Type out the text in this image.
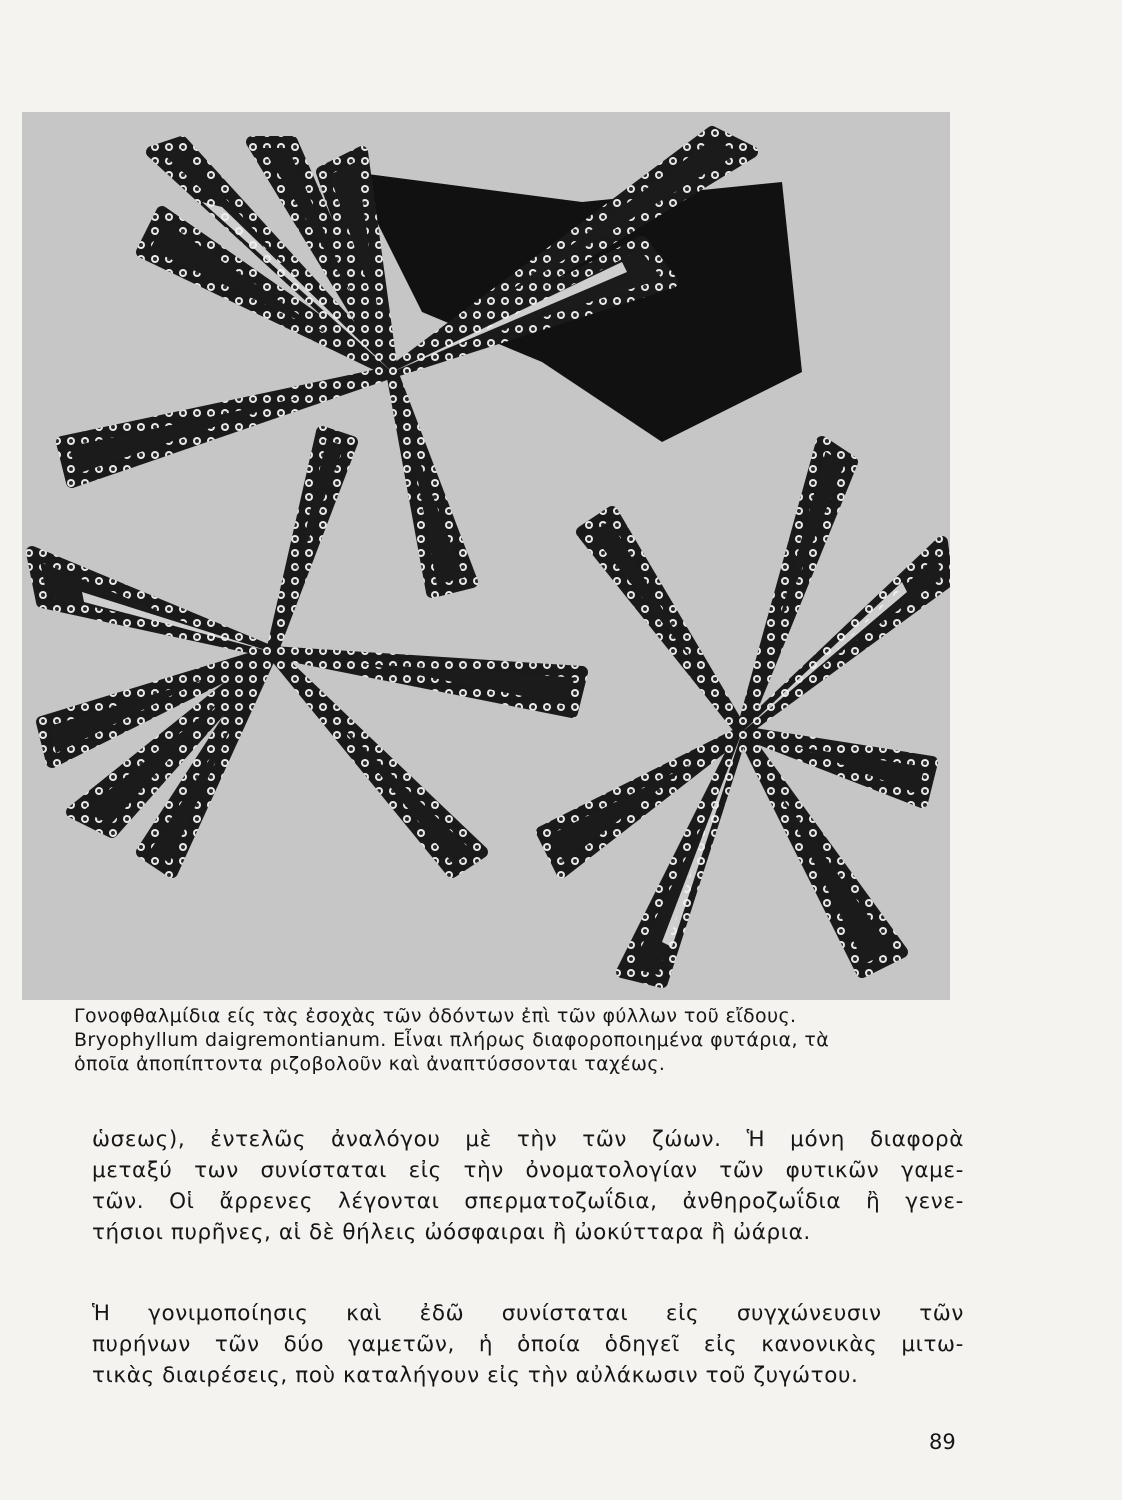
Γονοφθαλμίδια είς τὰς ἐσοχὰς τῶν ὀδόντων ἐπὶ τῶν φύλλων τοῦ εἴδους.
Bryophyllum daigremontianum. Εἶναι πλήρως διαφοροποιημένα φυτάρια, τὰ
ὁποῖα ἀποπίπτοντα ριζοβολοῦν καὶ ἀναπτύσσονται ταχέως.
ὡσεως), ἐντελῶς ἀναλόγου μὲ τὴν τῶν ζώων. Ἡ μόνη διαφορὰ
μεταξύ των συνίσταται εἰς τὴν ὀνοματολογίαν τῶν φυτικῶν γαμε-
τῶν. Οἱ ἄρρενες λέγονται σπερματοζωΐδια, ἀνθηροζωΐδια ἢ γενε-
τήσιοι πυρῆνες, αἱ δὲ θήλεις ὠόσφαιραι ἢ ὠοκύτταρα ἢ ὠάρια.
Ἡ γονιμοποίησις καὶ ἐδῶ συνίσταται εἰς συγχώνευσιν τῶν
πυρήνων τῶν δύο γαμετῶν, ἡ ὁποία ὁδηγεῖ εἰς κανονικὰς μιτω-
τικὰς διαιρέσεις, ποὺ καταλήγουν εἰς τὴν αὐλάκωσιν τοῦ ζυγώτου.
89
